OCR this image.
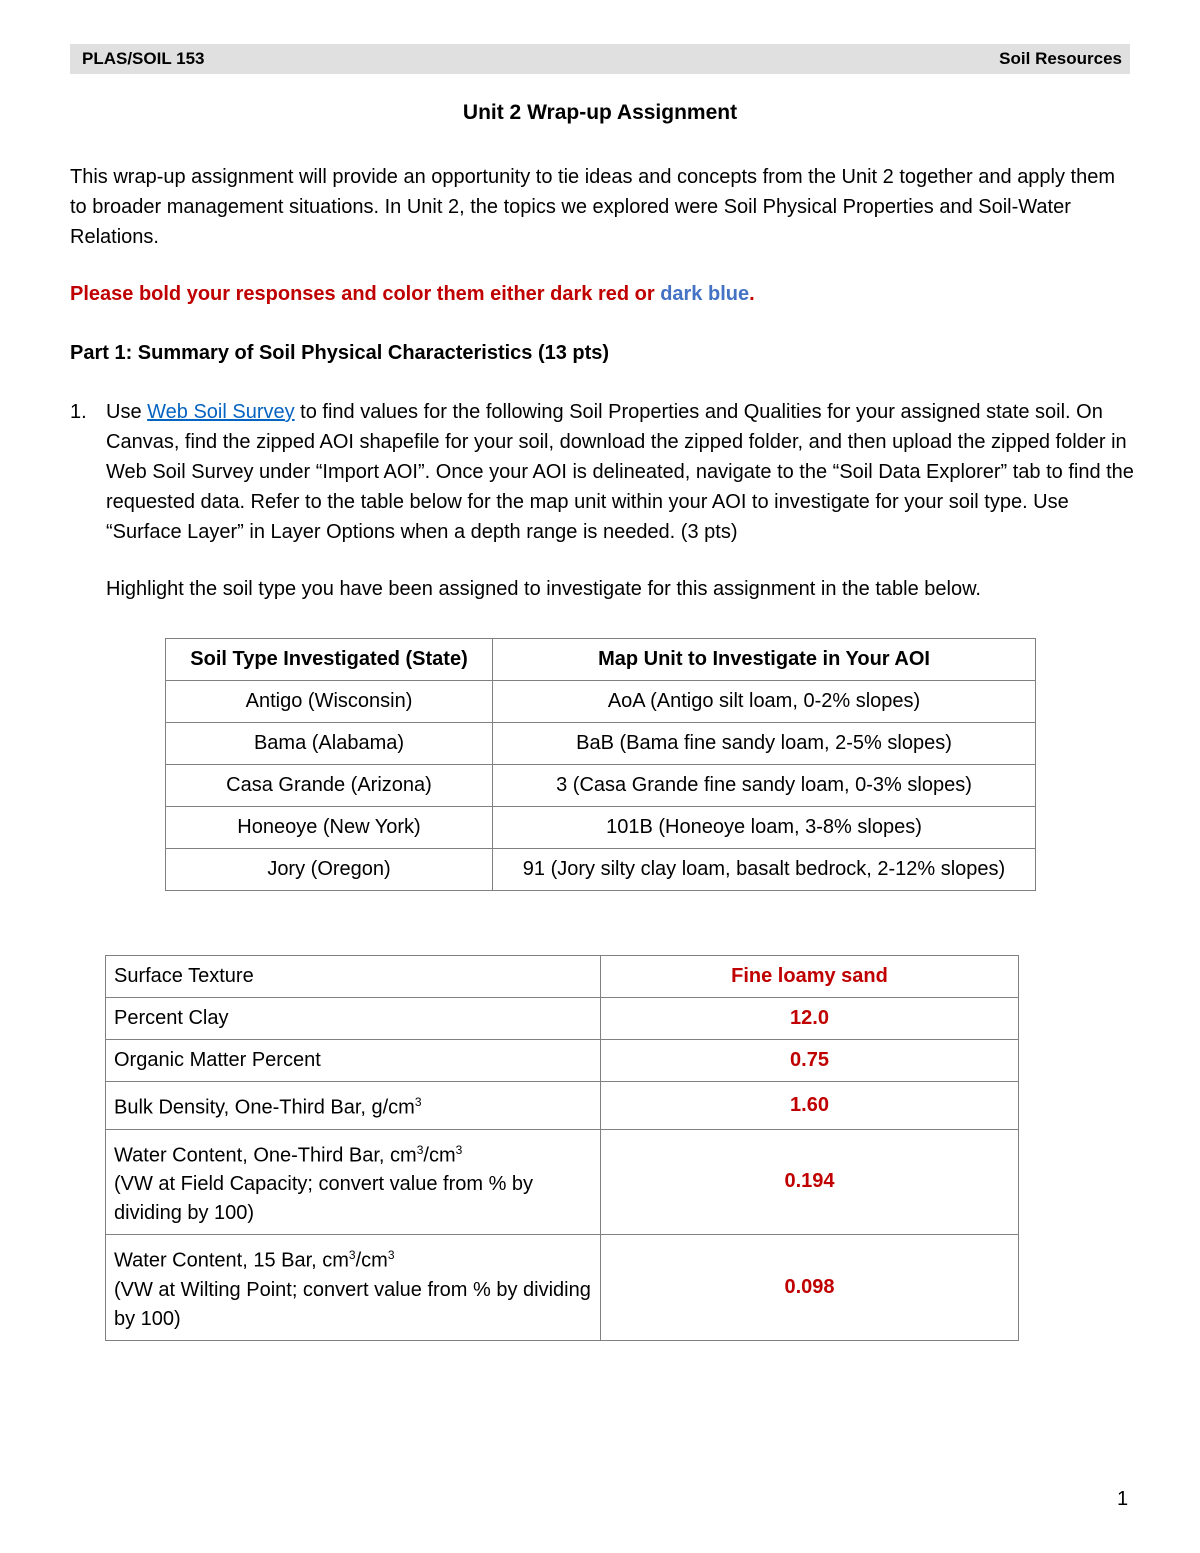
PLAS/SOIL 153	Soil Resources
Unit 2 Wrap-up Assignment
This wrap-up assignment will provide an opportunity to tie ideas and concepts from the Unit 2 together and apply them to broader management situations. In Unit 2, the topics we explored were Soil Physical Properties and Soil-Water Relations.
Please bold your responses and color them either dark red or dark blue.
Part 1: Summary of Soil Physical Characteristics (13 pts)
1. Use Web Soil Survey to find values for the following Soil Properties and Qualities for your assigned state soil. On Canvas, find the zipped AOI shapefile for your soil, download the zipped folder, and then upload the zipped folder in Web Soil Survey under “Import AOI”. Once your AOI is delineated, navigate to the “Soil Data Explorer” tab to find the requested data. Refer to the table below for the map unit within your AOI to investigate for your soil type. Use “Surface Layer” in Layer Options when a depth range is needed. (3 pts)
Highlight the soil type you have been assigned to investigate for this assignment in the table below.
Soil Type Investigated (State)	Map Unit to Investigate in Your AOI
Antigo (Wisconsin)	AoA (Antigo silt loam, 0-2% slopes)
Bama (Alabama)	BaB (Bama fine sandy loam, 2-5% slopes)
Casa Grande (Arizona)	3 (Casa Grande fine sandy loam, 0-3% slopes)
Honeoye (New York)	101B (Honeoye loam, 3-8% slopes)
Jory (Oregon)	91 (Jory silty clay loam, basalt bedrock, 2-12% slopes)
Surface Texture	Fine loamy sand
Percent Clay	12.0
Organic Matter Percent	0.75
Bulk Density, One-Third Bar, $g/cm^3$	1.60
Water Content, One-Third Bar, $cm^3/cm^3$
(VW at Field Capacity; convert value from % by dividing by 100)	0.194
Water Content, 15 Bar, $cm^3/cm^3$
(VW at Wilting Point; convert value from % by dividing by 100)	0.098
1
